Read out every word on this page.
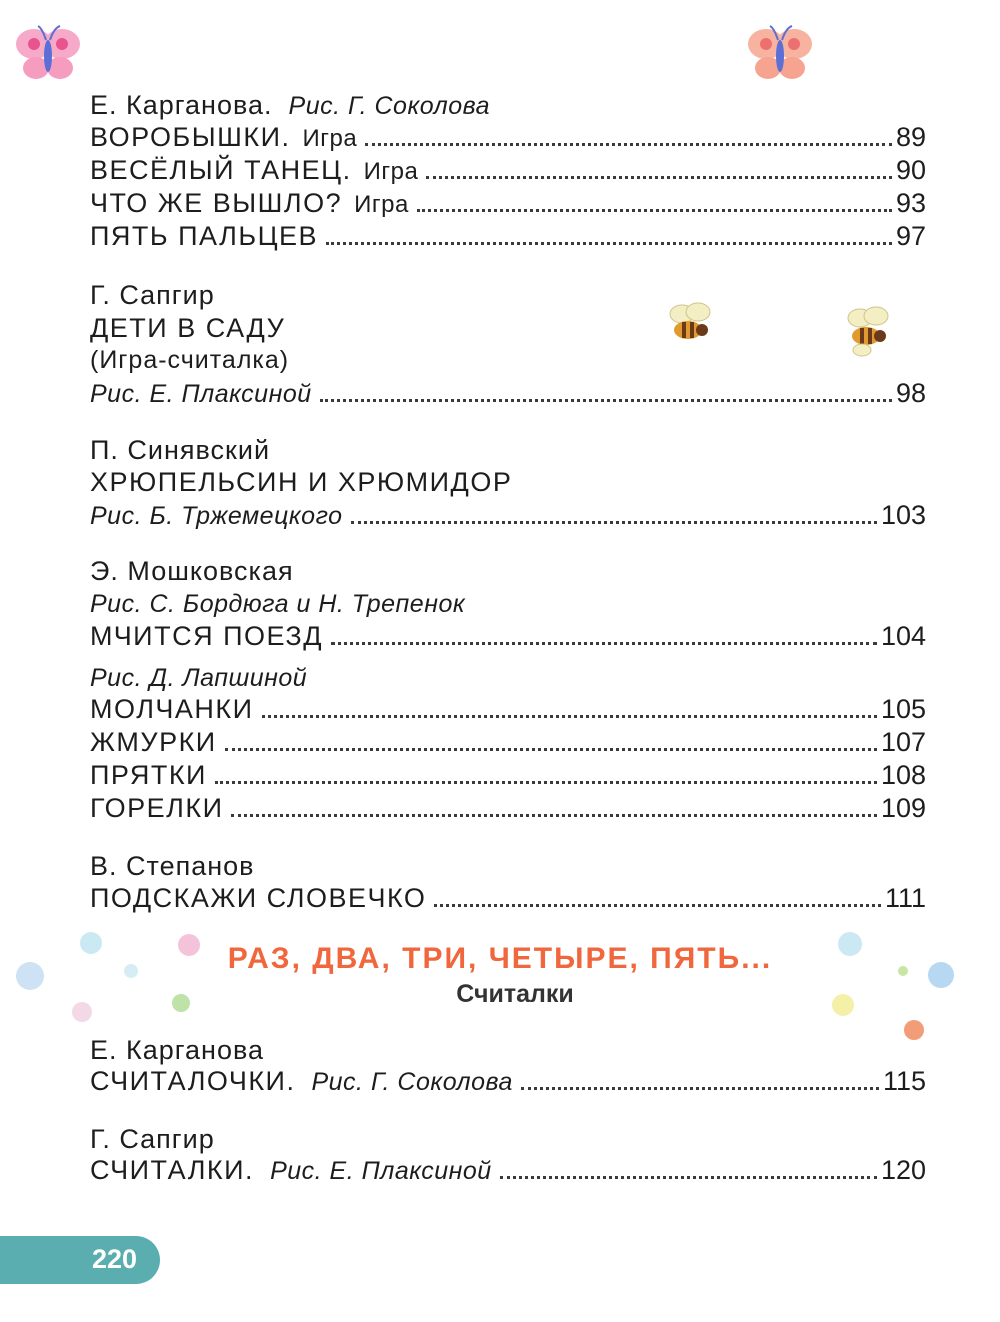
Е. Карганова. Рис. Г. Соколова
ВОРОБЫШКИ. Игра	89
ВЕСЁЛЫЙ ТАНЕЦ. Игра	90
ЧТО ЖЕ ВЫШЛО? Игра	93
ПЯТЬ ПАЛЬЦЕВ	97
Г. Сапгир
ДЕТИ В САДУ
(Игра-считалка)
Рис. Е. Плаксиной	98
П. Синявский
ХРЮПЕЛЬСИН И ХРЮМИДОР
Рис. Б. Тржемецкого	103
Э. Мошковская
Рис. С. Бордюга и Н. Трепенок
МЧИТСЯ ПОЕЗД	104
Рис. Д. Лапшиной
МОЛЧАНКИ	105
ЖМУРКИ	107
ПРЯТКИ	108
ГОРЕЛКИ	109
В. Степанов
ПОДСКАЖИ СЛОВЕЧКО	111
РАЗ, ДВА, ТРИ, ЧЕТЫРЕ, ПЯТЬ...
Считалки
Е. Карганова
СЧИТАЛОЧКИ. Рис. Г. Соколова	115
Г. Сапгир
СЧИТАЛКИ. Рис. Е. Плаксиной	120
220
